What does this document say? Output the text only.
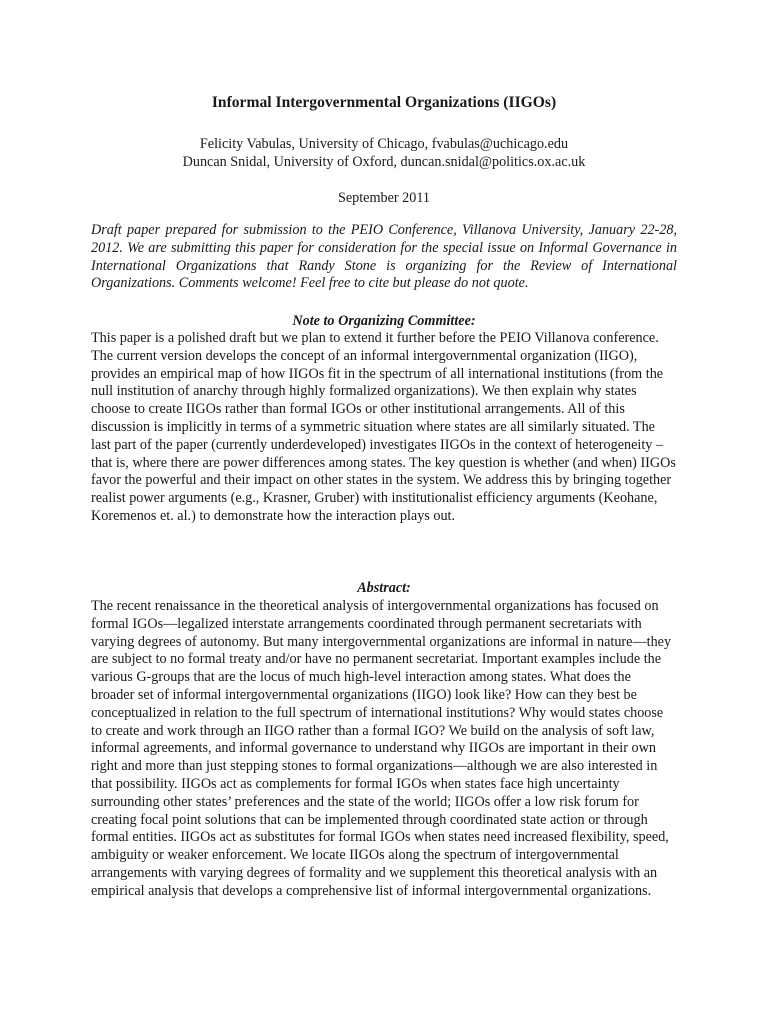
Informal Intergovernmental Organizations (IIGOs)
Felicity Vabulas, University of Chicago, fvabulas@uchicago.edu
Duncan Snidal, University of Oxford, duncan.snidal@politics.ox.ac.uk
September 2011

Draft paper prepared for submission to the PEIO Conference, Villanova University, January 22-28, 2012. We are submitting this paper for consideration for the special issue on Informal Governance in International Organizations that Randy Stone is organizing for the Review of International Organizations. Comments welcome! Feel free to cite but please do not quote.

Note to Organizing Committee:

This paper is a polished draft but we plan to extend it further before the PEIO Villanova conference. The current version develops the concept of an informal intergovernmental organization (IIGO), provides an empirical map of how IIGOs fit in the spectrum of all international institutions (from the null institution of anarchy through highly formalized organizations). We then explain why states choose to create IIGOs rather than formal IGOs or other institutional arrangements. All of this discussion is implicitly in terms of a symmetric situation where states are all similarly situated. The last part of the paper (currently underdeveloped) investigates IIGOs in the context of heterogeneity – that is, where there are power differences among states. The key question is whether (and when) IIGOs favor the powerful and their impact on other states in the system. We address this by bringing together realist power arguments (e.g., Krasner, Gruber) with institutionalist efficiency arguments (Keohane, Koremenos et. al.) to demonstrate how the interaction plays out.

Abstract:

The recent renaissance in the theoretical analysis of intergovernmental organizations has focused on formal IGOs—legalized interstate arrangements coordinated through permanent secretariats with varying degrees of autonomy. But many intergovernmental organizations are informal in nature—they are subject to no formal treaty and/or have no permanent secretariat. Important examples include the various G-groups that are the locus of much high-level interaction among states. What does the broader set of informal intergovernmental organizations (IIGO) look like? How can they best be conceptualized in relation to the full spectrum of international institutions? Why would states choose to create and work through an IIGO rather than a formal IGO? We build on the analysis of soft law, informal agreements, and informal governance to understand why IIGOs are important in their own right and more than just stepping stones to formal organizations—although we are also interested in that possibility. IIGOs act as complements for formal IGOs when states face high uncertainty surrounding other states’ preferences and the state of the world; IIGOs offer a low risk forum for creating focal point solutions that can be implemented through coordinated state action or through formal entities. IIGOs act as substitutes for formal IGOs when states need increased flexibility, speed, ambiguity or weaker enforcement. We locate IIGOs along the spectrum of intergovernmental arrangements with varying degrees of formality and we supplement this theoretical analysis with an empirical analysis that develops a comprehensive list of informal intergovernmental organizations.
